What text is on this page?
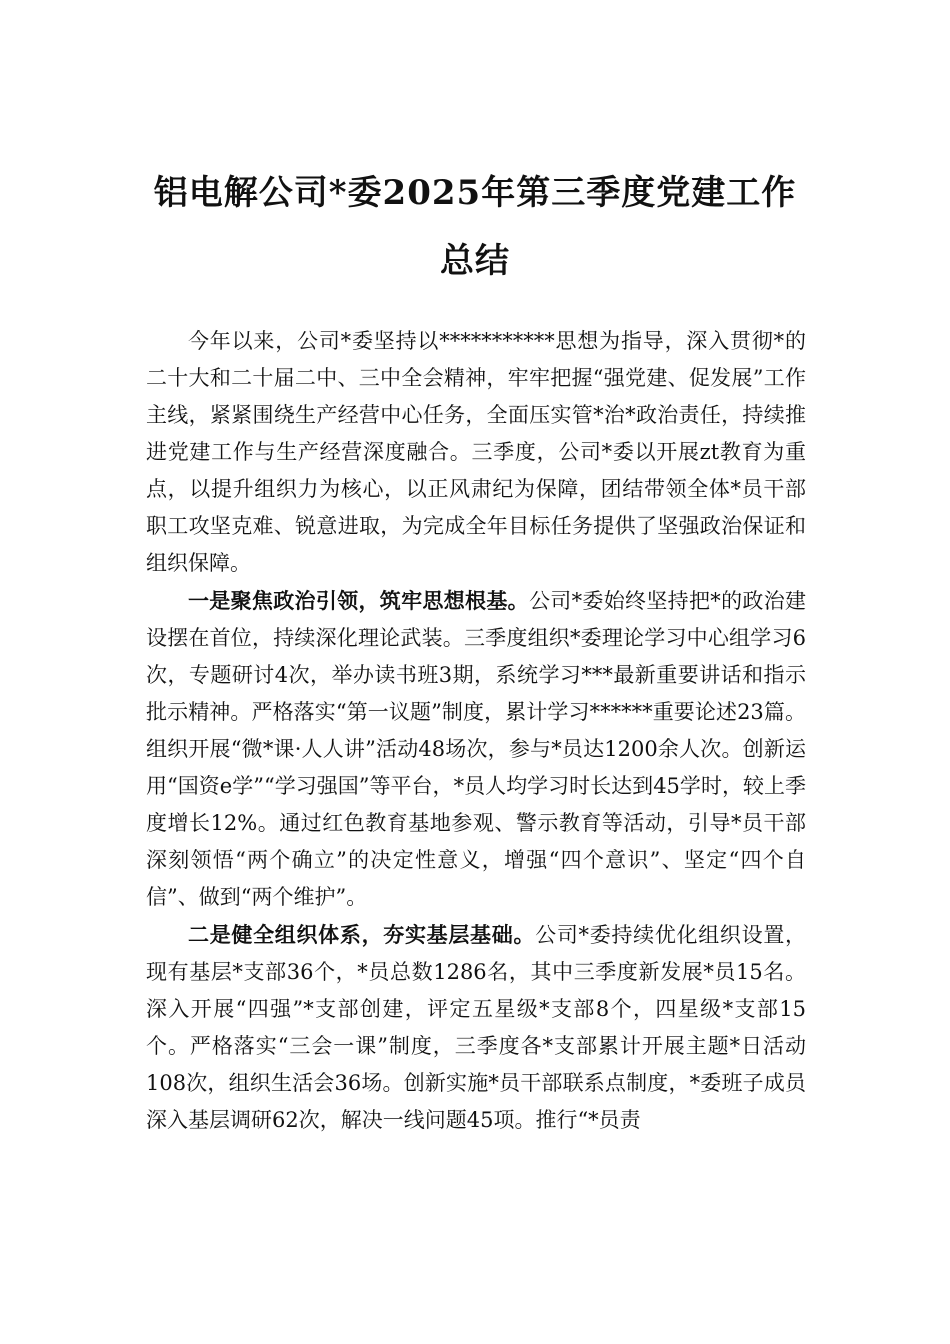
铝电解公司*委2025年第三季度党建工作
总结

今年以来，公司*委坚持以***********思想为指导，深入贯彻*的二十大和二十届二中、三中全会精神，牢牢把握“强党建、促发展”工作主线，紧紧围绕生产经营中心任务，全面压实管*治*政治责任，持续推进党建工作与生产经营深度融合。三季度，公司*委以开展zt教育为重点，以提升组织力为核心，以正风肃纪为保障，团结带领全体*员干部职工攻坚克难、锐意进取，为完成全年目标任务提供了坚强政治保证和组织保障。

一是聚焦政治引领，筑牢思想根基。公司*委始终坚持把*的政治建设摆在首位，持续深化理论武装。三季度组织*委理论学习中心组学习6次，专题研讨4次，举办读书班3期，系统学习***最新重要讲话和指示批示精神。严格落实“第一议题”制度，累计学习******重要论述23篇。组织开展“微*课·人人讲”活动48场次，参与*员达1200余人次。创新运用“国资e学”“学习强国”等平台，*员人均学习时长达到45学时，较上季度增长12%。通过红色教育基地参观、警示教育等活动，引导*员干部深刻领悟“两个确立”的决定性意义，增强“四个意识”、坚定“四个自信”、做到“两个维护”。

二是健全组织体系，夯实基层基础。公司*委持续优化组织设置，现有基层*支部36个，*员总数1286名，其中三季度新发展*员15名。深入开展“四强”*支部创建，评定五星级*支部8个，四星级*支部15个。严格落实“三会一课”制度，三季度各*支部累计开展主题*日活动108次，组织生活会36场。创新实施*员干部联系点制度，*委班子成员深入基层调研62次，解决一线问题45项。推行“*员责
